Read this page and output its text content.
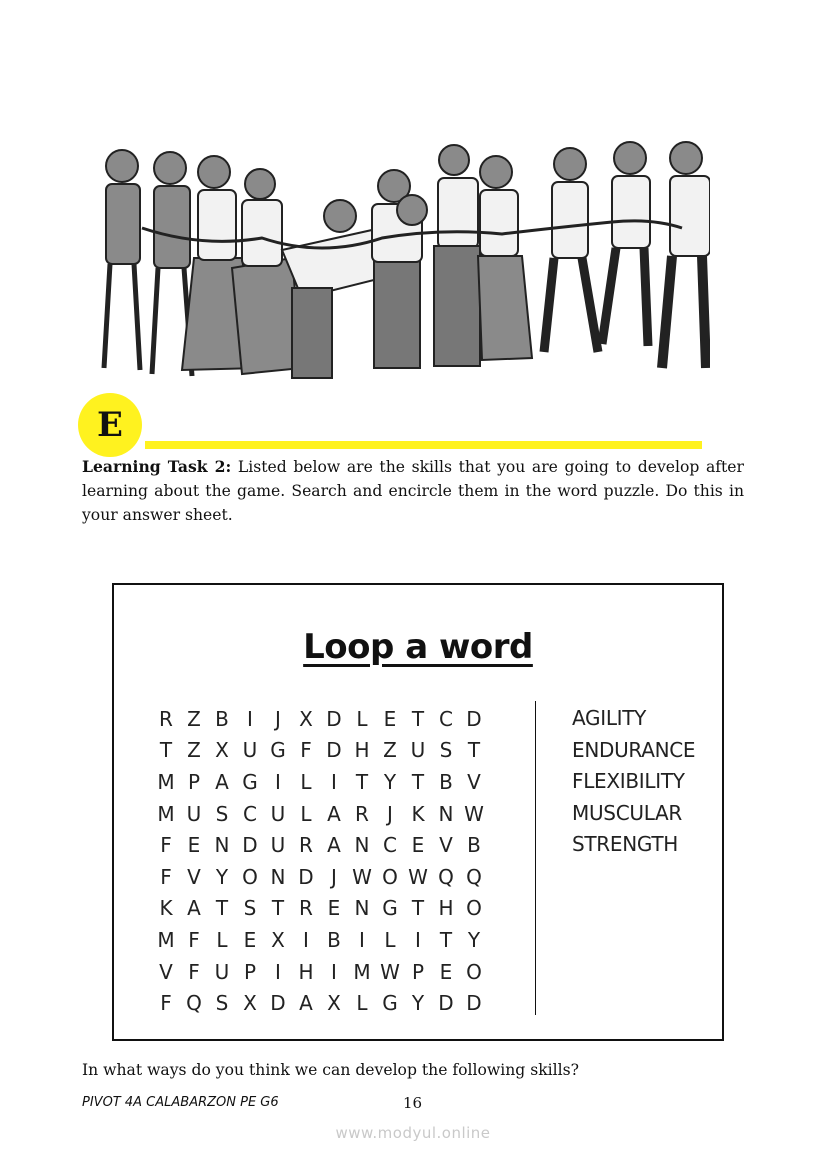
E

Learning Task 2: Listed below are the skills that you are going to develop after learning about the game. Search and encircle them in the word puzzle. Do this in your answer sheet.

Loop a word
R Z B I	J X D L E T C D
T Z X U G F D H Z U S T
M P A G I L I T Y T B V
M U S C U L A R J K N W
F E N D U R A N C E V B
F V Y O N D J W O W Q Q
K A T S T R E N G T H O
M F L E X I B I L I T Y
V F U P I H I M W P E O
F Q S X D A X L G Y D D
AGILITY
ENDURANCE
FLEXIBILITY
MUSCULAR
STRENGTH
In what ways do you think we can develop the following skills?
PIVOT 4A CALABARZON PE G6	16
www.modyul.online
